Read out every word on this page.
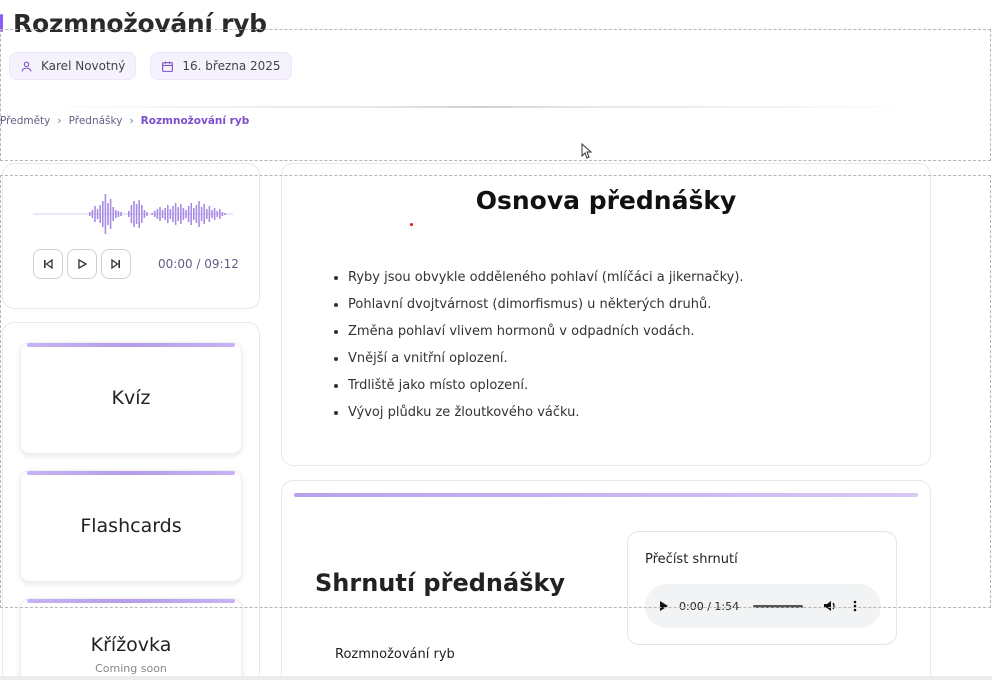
Rozmnožování ryb
Karel Novotný	16. března 2025
Předměty › Přednášky › Rozmnožování ryb
00:00 / 09:12
Kvíz
Flashcards
Křížovka
Coming soon
Osnova přednášky
Ryby jsou obvykle odděleného pohlaví (mlíčáci a jikernačky).
Pohlavní dvojtvárnost (dimorfismus) u některých druhů.
Změna pohlaví vlivem hormonů v odpadních vodách.
Vnější a vnitřní oplození.
Trdliště jako místo oplození.
Vývoj plůdku ze žloutkového váčku.
Shrnutí přednášky

Rozmnožování ryb

Přečíst shrnutí
0:00 / 1:54
